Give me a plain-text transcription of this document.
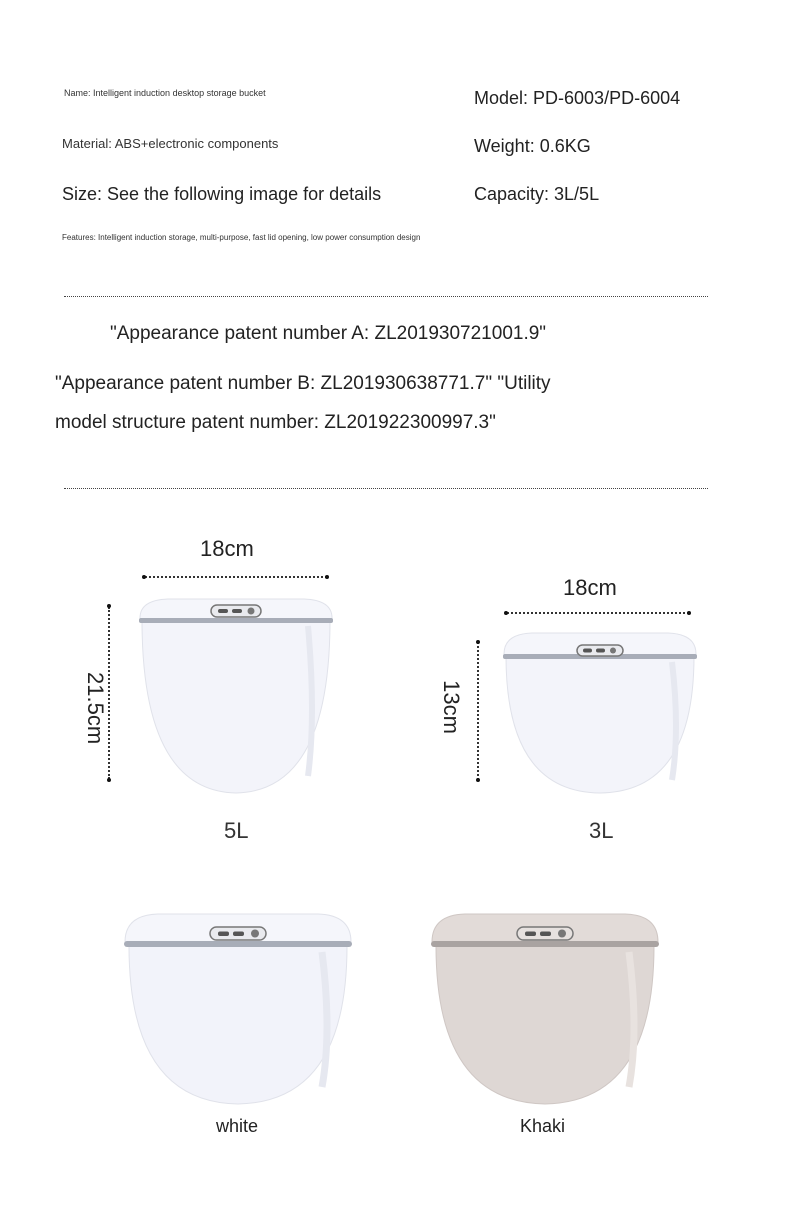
Name: Intelligent induction desktop storage bucket	Model: PD-6003/PD-6004
Material: ABS+electronic components	Weight: 0.6KG
Size: See the following image for details	Capacity: 3L/5L
Features: Intelligent induction storage, multi-purpose, fast lid opening, low power consumption design
"Appearance patent number A: ZL201930721001.9"
"Appearance patent number B: ZL201930638771.7" "Utility
model structure patent number: ZL201922300997.3"
18cm
21.5cm
5L
18cm
13cm
3L
white	Khaki
